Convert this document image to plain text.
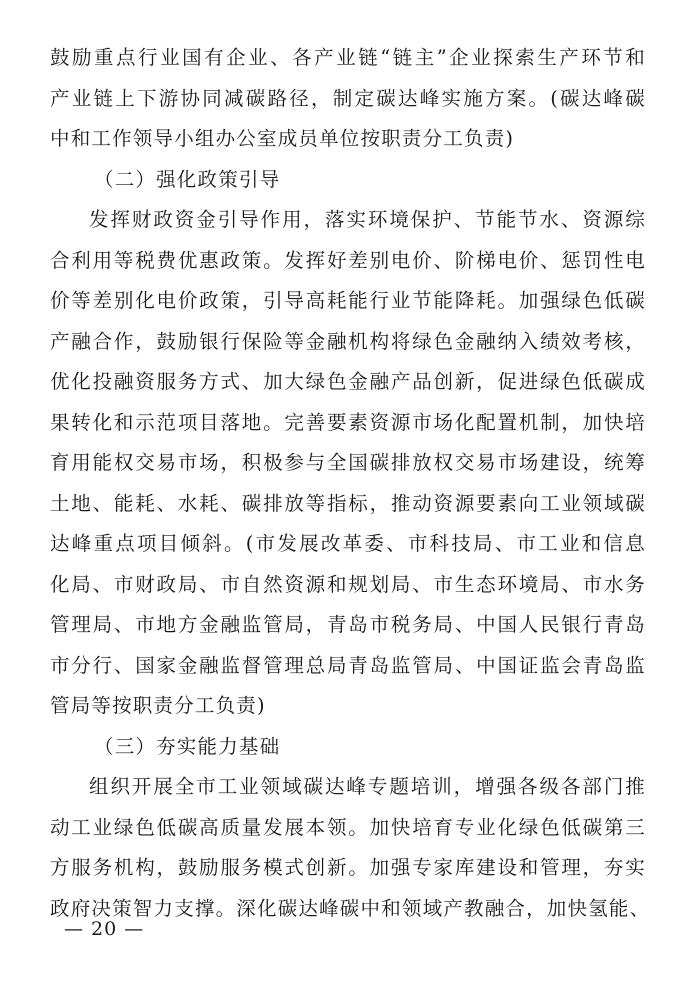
鼓励重点行业国有企业、各产业链“链主”企业探索生产环节和
产业链上下游协同减碳路径，制定碳达峰实施方案。(碳达峰碳
中和工作领导小组办公室成员单位按职责分工负责)
（二）强化政策引导
发挥财政资金引导作用，落实环境保护、节能节水、资源综
合利用等税费优惠政策。发挥好差别电价、阶梯电价、惩罚性电
价等差别化电价政策，引导高耗能行业节能降耗。加强绿色低碳
产融合作，鼓励银行保险等金融机构将绿色金融纳入绩效考核，
优化投融资服务方式、加大绿色金融产品创新，促进绿色低碳成
果转化和示范项目落地。完善要素资源市场化配置机制，加快培
育用能权交易市场，积极参与全国碳排放权交易市场建设，统筹
土地、能耗、水耗、碳排放等指标，推动资源要素向工业领域碳
达峰重点项目倾斜。(市发展改革委、市科技局、市工业和信息
化局、市财政局、市自然资源和规划局、市生态环境局、市水务
管理局、市地方金融监管局，青岛市税务局、中国人民银行青岛
市分行、国家金融监督管理总局青岛监管局、中国证监会青岛监
管局等按职责分工负责)
（三）夯实能力基础
组织开展全市工业领域碳达峰专题培训，增强各级各部门推
动工业绿色低碳高质量发展本领。加快培育专业化绿色低碳第三
方服务机构，鼓励服务模式创新。加强专家库建设和管理，夯实
政府决策智力支撑。深化碳达峰碳中和领域产教融合，加快氢能、
— 20 —
